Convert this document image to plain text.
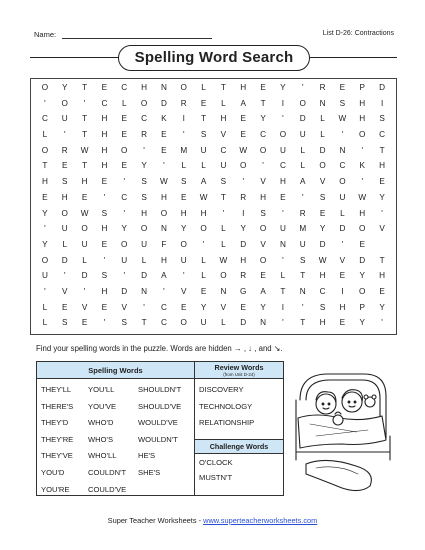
Name:	List D-26: Contractions
Spelling Word Search
O	Y	T	E	C	H	N	O	L	T	H	E	Y	'	R	E	P	D
'	O	'	C	L	O	D	R	E	L	A	T	I	O	N	S	H	I
C	U	T	H	E	C	K	I	T	H	E	Y	'	D	L	W	H	S
L	'	T	H	E	R	E	'	S	V	E	C	O	U	L	'	O	C
O	R	W	H	O	'	E	M	U	C	W	O	U	L	D	N	'	T
T	E	T	H	E	Y	'	L	L	U	O	'	C	L	O	C	K	H
H	S	H	E	'	S	W	S	A	S	'	V	H	A	V	O	'	E
E	H	E	'	C	S	H	E	W	T	R	H	E	'	S	U	W	Y
Y	O	W	S	'	H	O	H	H	'	I	S	'	R	E	L	H	'
'	U	O	H	Y	O	N	Y	O	L	Y	O	U	M	Y	D	O	V
Y	L	U	E	O	U	F	O	'	L	D	V	N	U	D	'	E
O	D	L	'	U	L	H	U	L	W	H	O	'	S	W	V	D	T
U	'	D	S	'	D	A	'	L	O	R	E	L	T	H	E	Y	H
'	V	'	H	D	N	'	V	E	N	G	A	T	N	C	I	O	E
L	E	V	E	V	'	C	E	Y	V	E	Y	I	'	S	H	P	Y
L	S	E	'	S	T	C	O	U	L	D	N	'	T	H	E	Y	'
Find your spelling words in the puzzle. Words are hidden → , ↓ , and ↘.
Spelling Words
THEY'LL
THERE'S
THEY'D
THEY'RE
THEY'VE
YOU'D
YOU'RE
YOU'LL
YOU'VE
WHO'D
WHO'S
WHO'LL
COULDN'T
COULD'VE
SHOULDN'T
SHOULD'VE
WOULD'VE
WOULDN'T
HE'S
SHE'S
Review Words
(from Unit D-24)
DISCOVERY
TECHNOLOGY
RELATIONSHIP
Challenge Words
O'CLOCK
MUSTN'T
Super Teacher Worksheets - www.superteacherworksheets.com
